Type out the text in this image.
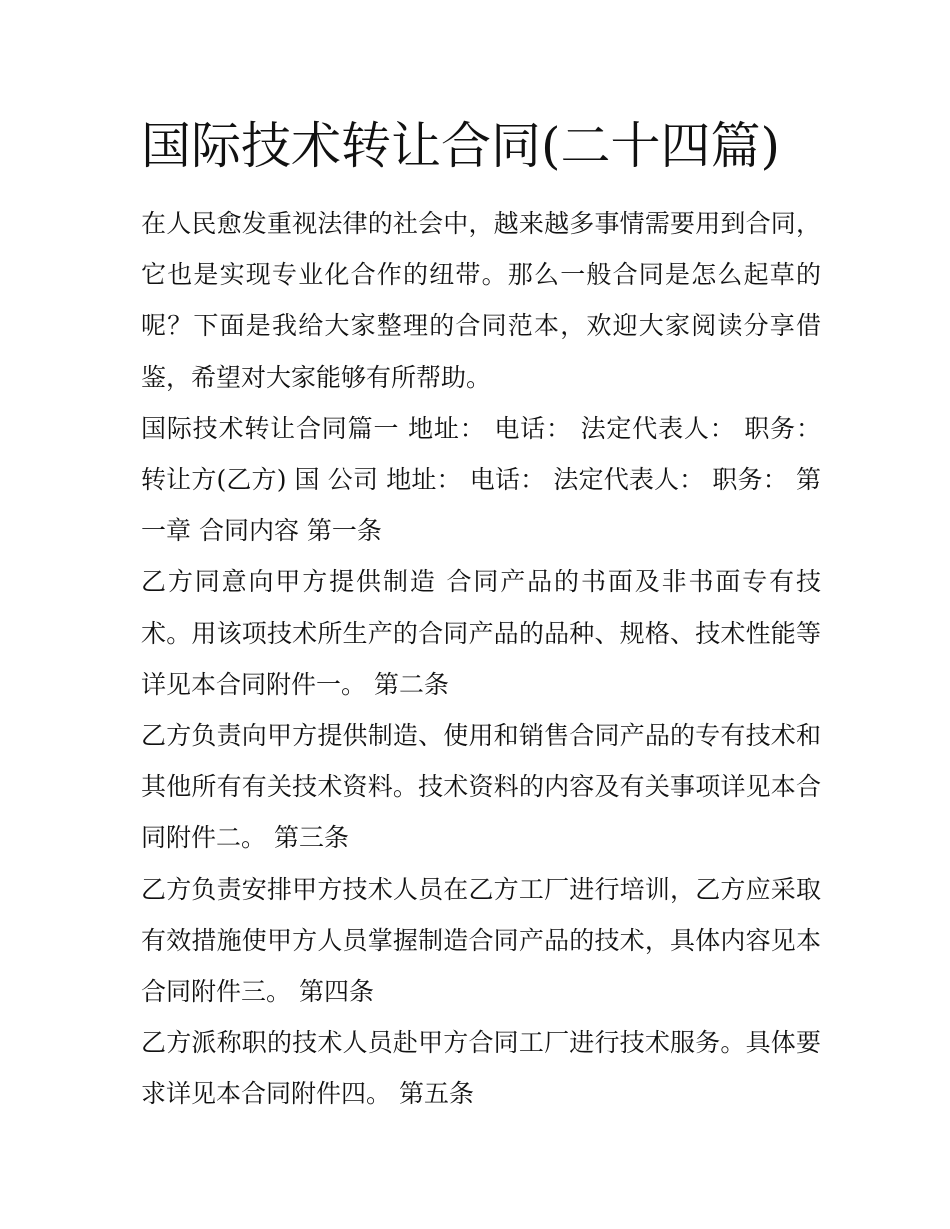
国际技术转让合同(二十四篇)

在人民愈发重视法律的社会中，越来越多事情需要用到合同，它也是实现专业化合作的纽带。那么一般合同是怎么起草的呢？下面是我给大家整理的合同范本，欢迎大家阅读分享借鉴，希望对大家能够有所帮助。

国际技术转让合同篇一 地址： 电话： 法定代表人： 职务： 转让方(乙方) 国 公司 地址： 电话： 法定代表人： 职务： 第一章 合同内容 第一条

乙方同意向甲方提供制造 合同产品的书面及非书面专有技术。用该项技术所生产的合同产品的品种、规格、技术性能等详见本合同附件一。 第二条

乙方负责向甲方提供制造、使用和销售合同产品的专有技术和其他所有有关技术资料。技术资料的内容及有关事项详见本合同附件二。 第三条

乙方负责安排甲方技术人员在乙方工厂进行培训，乙方应采取有效措施使甲方人员掌握制造合同产品的技术，具体内容见本合同附件三。 第四条

乙方派称职的技术人员赴甲方合同工厂进行技术服务。具体要求详见本合同附件四。 第五条
